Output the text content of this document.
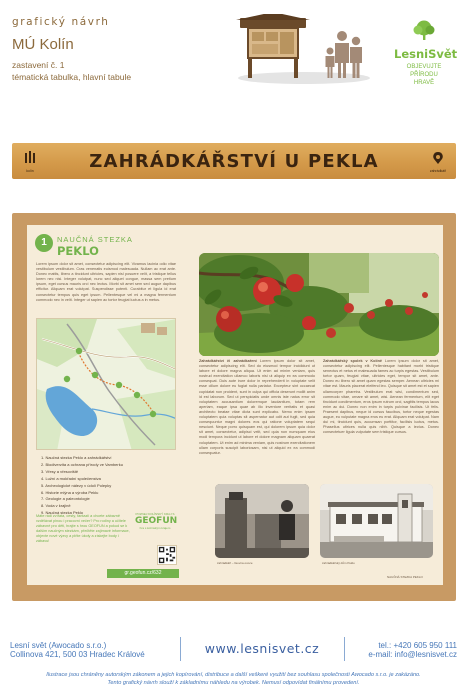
grafický návrh
MÚ Kolín
zastavení č. 1
tématická tabulka, hlavní tabule
LesniSvět
OBJEVUJTE PŘÍRODU
HRAVĚ
kolín	ZAHRÁDKÁŘSTVÍ U PEKLA	zahrádkáři
1	NAUČNÁ STEZKA
PEKLO
Lorem ipsum dolor sit amet, consectetur adipiscing elit. Vivamus lacinia odio vitae vestibulum vestibulum. Cras venenatis euismod malesuada. Nullam ac erat ante. Donec mattis, libero a tincidunt ultricies, sapien nisl posuere velit, a tristique tellus lorem nec nisi. Integer volutpat, nunc sed aliquet congue, massa sem pretium ipsum, eget cursus mauris orci nec lectus. Morbi sit amet sem sed augue dapibus efficitur. Aliquam erat volutpat. Suspendisse potenti. Curabitur et ligula id erat consectetur tempus quis eget ipsum. Pellentesque vel mi a magna fermentum commodo nec in velit. Integer ut sapien ac tortor feugiat luctus a in metus.
1. Naučná stezka Peklo a zahrádkářství
2. Biodiverzita a ochrana přírody ve Vamberku
3. Vřesy a vřesoviště
4. Lužní a mokřadní společenstva
5. Archeologické nálezy v údolí Polepky
6. Historie mlýna a výroba Peklu
7. Geologie a paleontologie
8. Voda v krajině
9. Naučná stezka Peklo
Máte rádi zvířata, cesty, fantazii a chcete zábavně vzdělávat plnou i pracovní večer? Pro rodiny a učitele zábavné pro děti, hrajte s hrou GEOFUN a pokud se k dalším naučným stezkám, přečtěte zajímavé informace, objevte nové výzvy a plňte úkoly a získejte body i zábavu!
POZNEJ KOLÍNSKÝ KRAJ S
GEOFUN
hra s kolínským krajem
gr.geofun.cz/632
Zahrádkářství či zahrádkaření Lorem ipsum dolor sit amet, consectetur adipiscing elit. Sed do eiusmod tempor incididunt ut labore et dolore magna aliqua. Ut enim ad minim veniam, quis nostrud exercitation ullamco laboris nisi ut aliquip ex ea commodo consequat. Duis aute irure dolor in reprehenderit in voluptate velit esse cillum dolore eu fugiat nulla pariatur. Excepteur sint occaecat cupidatat non proident, sunt in culpa qui officia deserunt mollit anim id est laborum. Sed ut perspiciatis unde omnis iste natus error sit voluptatem accusantium doloremque laudantium, totam rem aperiam, eaque ipsa quae ab illo inventore veritatis et quasi architecto beatae vitae dicta sunt explicabo. Nemo enim ipsam voluptatem quia voluptas sit aspernatur aut odit aut fugit, sed quia consequuntur magni dolores eos qui ratione voluptatem sequi nesciunt. Neque porro quisquam est, qui dolorem ipsum quia dolor sit amet, consectetur, adipisci velit, sed quia non numquam eius modi tempora incidunt ut labore et dolore magnam aliquam quaerat voluptatem. Ut enim ad minima veniam, quis nostrum exercitationem ullam corporis suscipit laboriosam, nisi ut aliquid ex ea commodi consequatur.
Zahrádkářský spolek v Kolíně Lorem ipsum dolor sit amet, consectetur adipiscing elit. Pellentesque habitant morbi tristique senectus et netus et malesuada fames ac turpis egestas. Vestibulum tortor quam, feugiat vitae, ultricies eget, tempor sit amet, ante. Donec eu libero sit amet quam egestas semper. Aenean ultricies mi vitae est. Mauris placerat eleifend leo. Quisque sit amet est et sapien ullamcorper pharetra. Vestibulum erat wisi, condimentum sed, commodo vitae, ornare sit amet, wisi. Aenean fermentum, elit eget tincidunt condimentum, eros ipsum rutrum orci, sagittis tempus lacus enim ac dui. Donec non enim in turpis pulvinar facilisis. Ut felis. Praesent dapibus, neque id cursus faucibus, tortor neque egestas augue, eu vulputate magna eros eu erat. Aliquam erat volutpat. Nam dui mi, tincidunt quis, accumsan porttitor, facilisis luctus, metus. Phasellus ultrices nulla quis nibh. Quisque a lectus. Donec consectetuer ligula vulputate sem tristique cursus.
zahrádkáři – lisovna ovoce	zahrádkářský dům Peklo
NAUČNÁ STEZKA PEKLO
Lesní svět (Awocado s.r.o.)
Collinova 421, 500 03 Hradec Králové	www.lesnisvet.cz	tel.: +420 605 950 111
e-mail: info@lesnisvet.cz
Ilustrace jsou chráněny autorským zákonem a jejich kopírování, distribuce a další veškeré využití bez souhlasu společnosti Awocado s.r.o. je zakázáno.
Tento grafický návrh slouží k základnímu náhledu na výrobek. Nemusí odpovídat finálnímu provedení.
